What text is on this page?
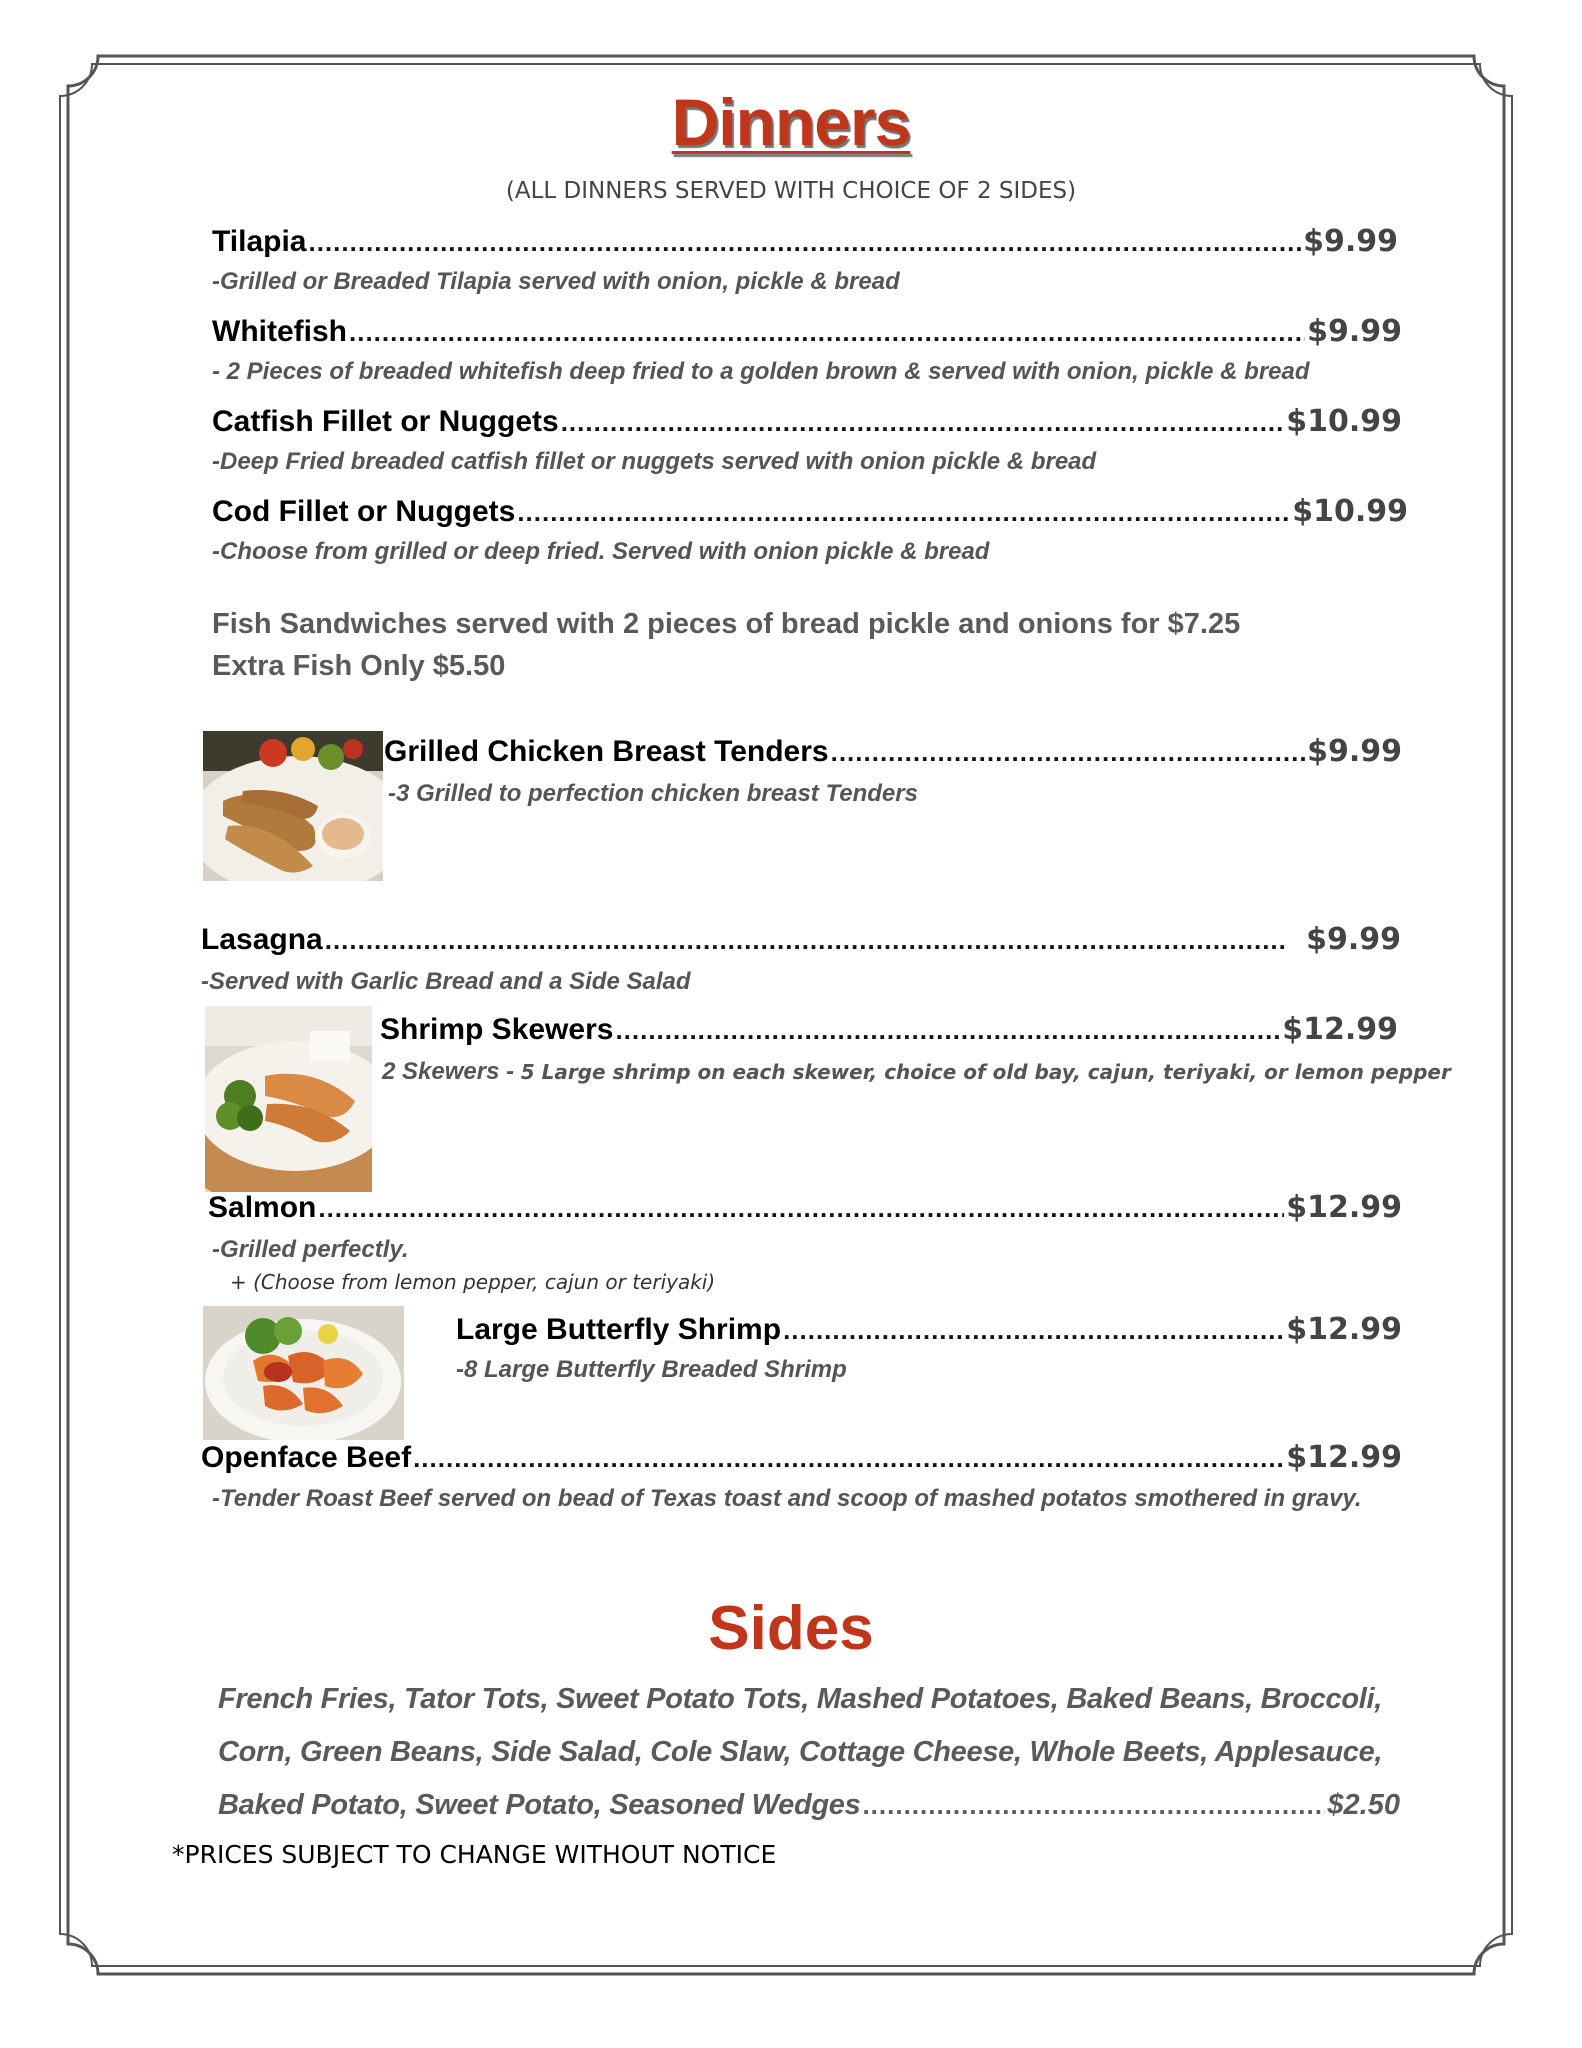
Dinners
(ALL DINNERS SERVED WITH CHOICE OF 2 SIDES)
Tilapia .....	$9.99
-Grilled or Breaded Tilapia served with onion, pickle & bread
Whitefish .....	$9.99
- 2 Pieces of breaded whitefish deep fried to a golden brown & served with onion, pickle & bread
Catfish Fillet or Nuggets .....	$10.99
-Deep Fried breaded catfish fillet or nuggets served with onion pickle & bread
Cod Fillet or Nuggets .....	$10.99
-Choose from grilled or deep fried. Served with onion pickle & bread
Fish Sandwiches served with 2 pieces of bread pickle and onions for $7.25
Extra Fish Only $5.50
Grilled Chicken Breast Tenders .....	$9.99
-3 Grilled to perfection chicken breast Tenders
Lasagna .....	$9.99
-Served with Garlic Bread and a Side Salad
Shrimp Skewers .....	$12.99
2 Skewers - 5 Large shrimp on each skewer, choice of old bay, cajun, teriyaki, or lemon pepper
Salmon .....	$12.99
-Grilled perfectly.
+ (Choose from lemon pepper, cajun or teriyaki)
Large Butterfly Shrimp .....	$12.99
-8 Large Butterfly Breaded Shrimp
Openface Beef .....	$12.99
-Tender Roast Beef served on bead of Texas toast and scoop of mashed potatos smothered in gravy.
Sides
French Fries, Tator Tots, Sweet Potato Tots, Mashed Potatoes, Baked Beans, Broccoli,
Corn, Green Beans, Side Salad, Cole Slaw, Cottage Cheese, Whole Beets, Applesauce,
Baked Potato, Sweet Potato, Seasoned Wedges .....	$2.50
*PRICES SUBJECT TO CHANGE WITHOUT NOTICE
